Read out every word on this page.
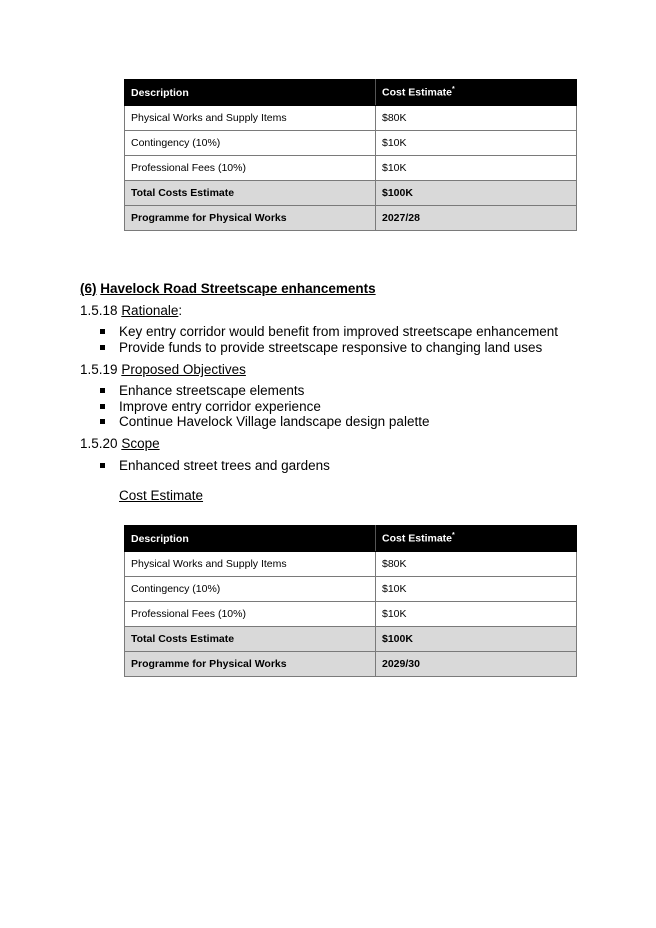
Description	Cost Estimate*
Physical Works and Supply Items	$80K
Contingency (10%)	$10K
Professional Fees (10%)	$10K
Total Costs Estimate	$100K
Programme for Physical Works	2027/28
(6) Havelock Road Streetscape enhancements
1.5.18 Rationale:
Key entry corridor would benefit from improved streetscape enhancement
Provide funds to provide streetscape responsive to changing land uses
1.5.19 Proposed Objectives
Enhance streetscape elements
Improve entry corridor experience
Continue Havelock Village landscape design palette
1.5.20 Scope
Enhanced street trees and gardens
Cost Estimate
Description	Cost Estimate*
Physical Works and Supply Items	$80K
Contingency (10%)	$10K
Professional Fees (10%)	$10K
Total Costs Estimate	$100K
Programme for Physical Works	2029/30
